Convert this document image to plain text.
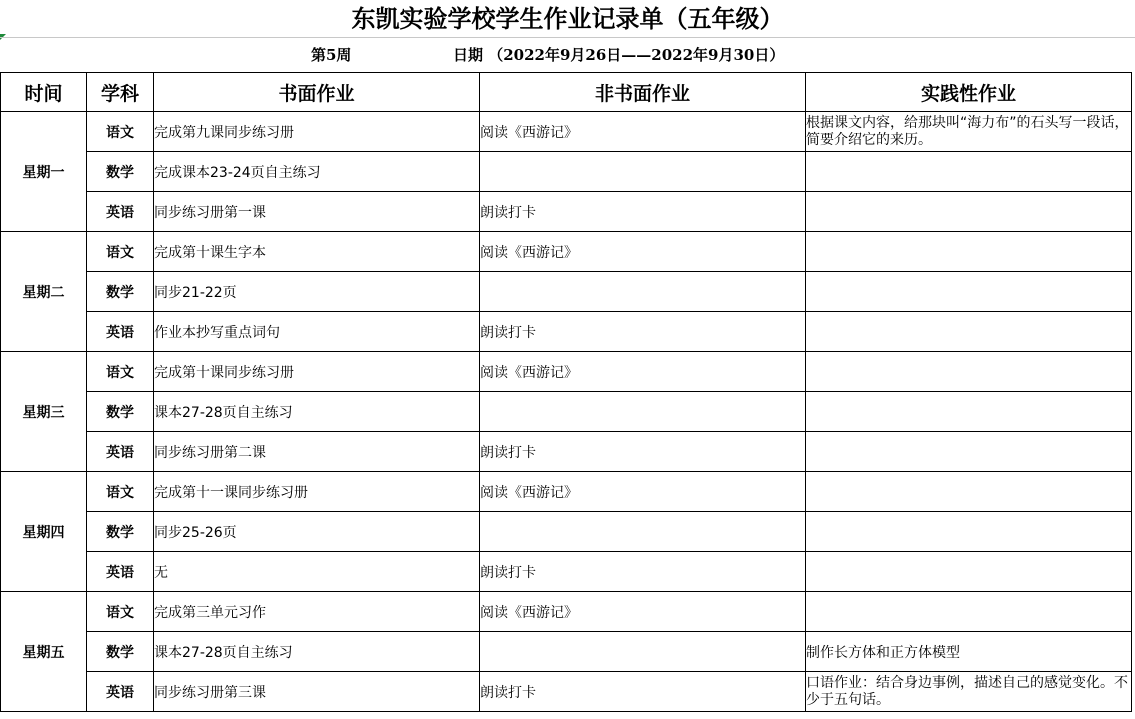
东凯实验学校学生作业记录单（五年级）
第5周	日期 （2022年9月26日——2022年9月30日）
时间	学科	书面作业	非书面作业	实践性作业
星期一	语文	完成第九课同步练习册	阅读《西游记》	根据课文内容，给那块叫“海力布”的石头写一段话，简要介绍它的来历。
	数学	完成课本23-24页自主练习		
	英语	同步练习册第一课	朗读打卡	
星期二	语文	完成第十课生字本	阅读《西游记》	
	数学	同步21-22页		
	英语	作业本抄写重点词句	朗读打卡	
星期三	语文	完成第十课同步练习册	阅读《西游记》	
	数学	课本27-28页自主练习		
	英语	同步练习册第二课	朗读打卡	
星期四	语文	完成第十一课同步练习册	阅读《西游记》	
	数学	同步25-26页		
	英语	无	朗读打卡	
星期五	语文	完成第三单元习作	阅读《西游记》	
	数学	课本27-28页自主练习		制作长方体和正方体模型
	英语	同步练习册第三课	朗读打卡	口语作业：结合身边事例，描述自己的感觉变化。不少于五句话。
